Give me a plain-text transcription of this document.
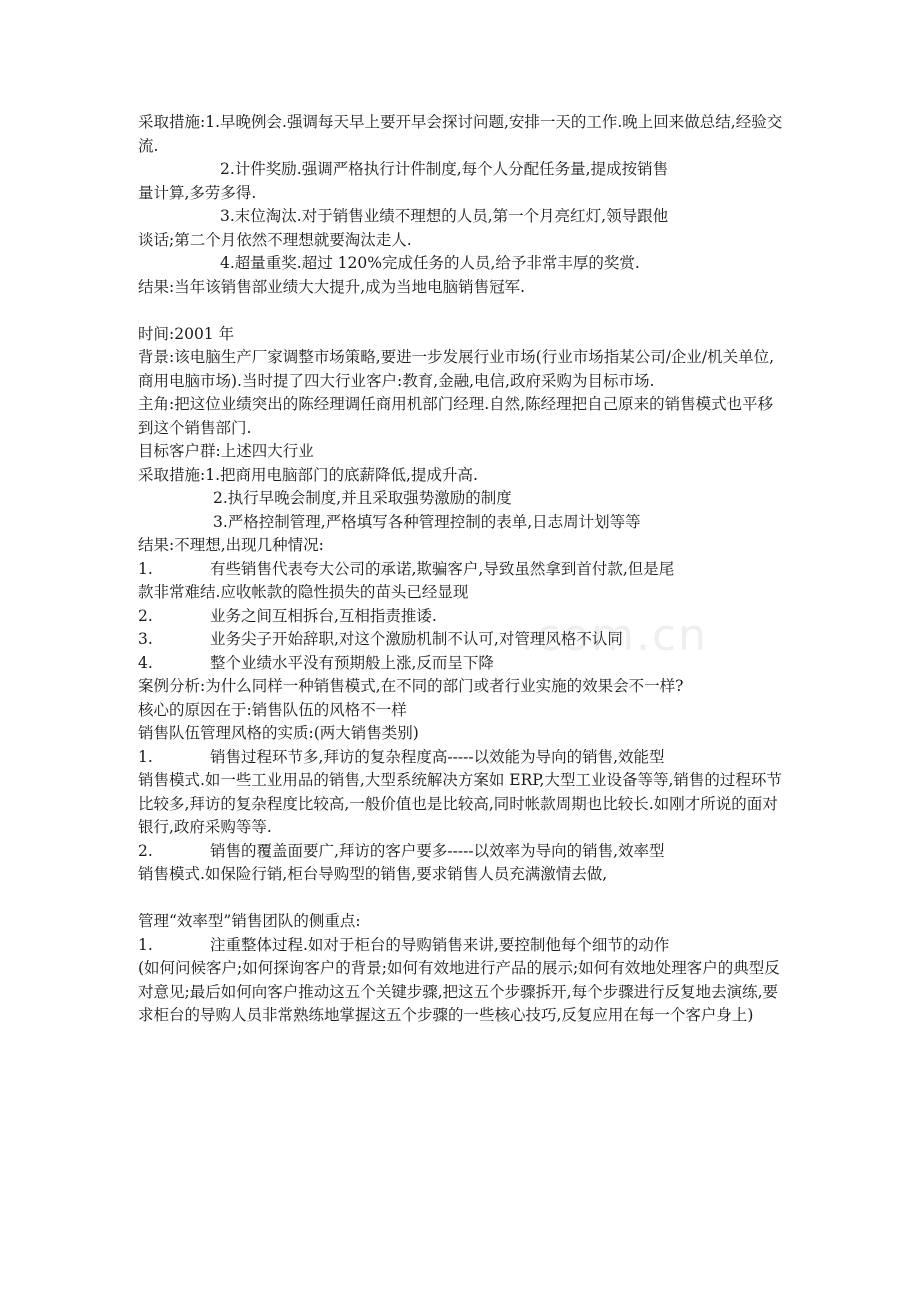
.com.cn

采取措施:1.早晚例会.强调每天早上要开早会探讨问题,安排一天的工作.晚上回来做总结,经验交流.

2.计件奖励.强调严格执行计件制度,每个人分配任务量,提成按销售

量计算,多劳多得.

3.末位淘汰.对于销售业绩不理想的人员,第一个月亮红灯,领导跟他

谈话;第二个月依然不理想就要淘汰走人.

4.超量重奖.超过 120%完成任务的人员,给予非常丰厚的奖赏.

结果:当年该销售部业绩大大提升,成为当地电脑销售冠军.

时间:2001 年

背景:该电脑生产厂家调整市场策略,要进一步发展行业市场(行业市场指某公司/企业/机关单位,商用电脑市场).当时提了四大行业客户:教育,金融,电信,政府采购为目标市场.

主角:把这位业绩突出的陈经理调任商用机部门经理.自然,陈经理把自己原来的销售模式也平移到这个销售部门.

目标客户群:上述四大行业

采取措施:1.把商用电脑部门的底薪降低,提成升高.

2.执行早晚会制度,并且采取强势激励的制度

3.严格控制管理,严格填写各种管理控制的表单,日志周计划等等

结果:不理想,出现几种情况:

1.	有些销售代表夸大公司的承诺,欺骗客户,导致虽然拿到首付款,但是尾

款非常难结.应收帐款的隐性损失的苗头已经显现

2.	业务之间互相拆台,互相指责推诿.

3.	业务尖子开始辞职,对这个激励机制不认可,对管理风格不认同

4.	整个业绩水平没有预期般上涨,反而呈下降

案例分析:为什么同样一种销售模式,在不同的部门或者行业实施的效果会不一样?

核心的原因在于:销售队伍的风格不一样

销售队伍管理风格的实质:(两大销售类别)

1.	销售过程环节多,拜访的复杂程度高-----以效能为导向的销售,效能型

销售模式.如一些工业用品的销售,大型系统解决方案如 ERP,大型工业设备等等,销售的过程环节比较多,拜访的复杂程度比较高,一般价值也是比较高,同时帐款周期也比较长.如刚才所说的面对银行,政府采购等等.

2.	销售的覆盖面要广,拜访的客户要多-----以效率为导向的销售,效率型

销售模式.如保险行销,柜台导购型的销售,要求销售人员充满激情去做,

管理“效率型”销售团队的侧重点:

1.	注重整体过程.如对于柜台的导购销售来讲,要控制他每个细节的动作

(如何问候客户;如何探询客户的背景;如何有效地进行产品的展示;如何有效地处理客户的典型反对意见;最后如何向客户推动这五个关键步骤,把这五个步骤拆开,每个步骤进行反复地去演练,要求柜台的导购人员非常熟练地掌握这五个步骤的一些核心技巧,反复应用在每一个客户身上)
